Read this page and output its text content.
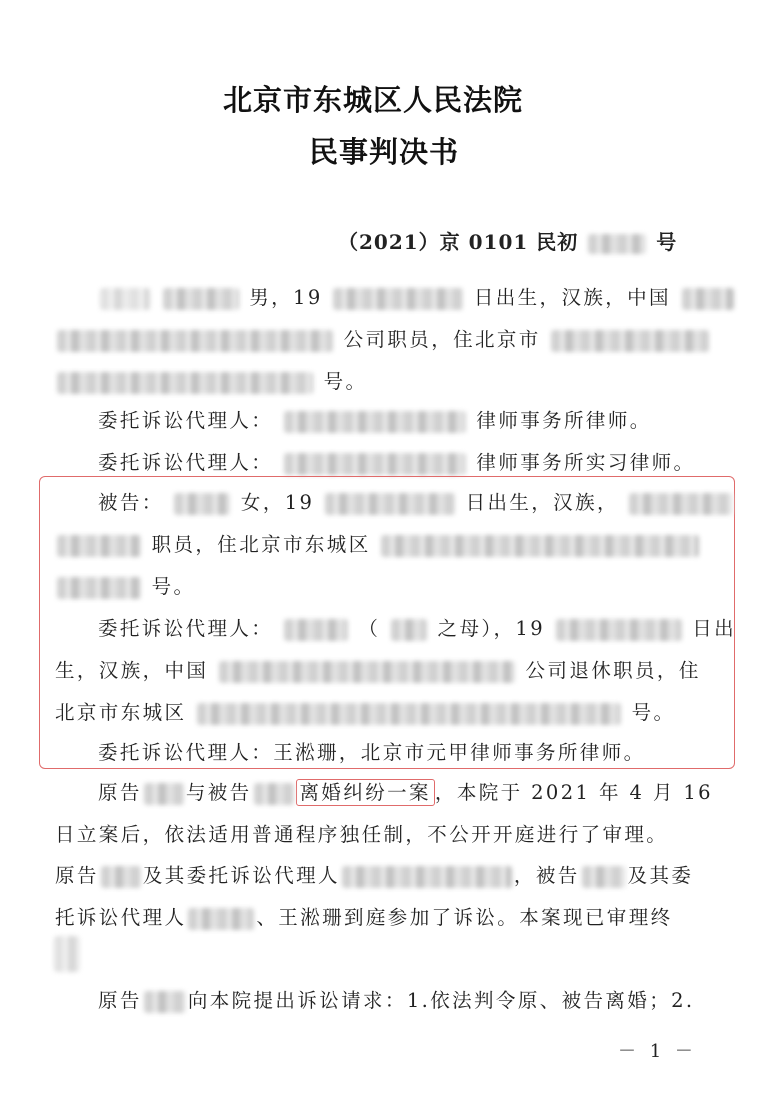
北京市东城区人民法院
民事判决书
（2021）京 0101 民初	号
男，19	日出生，汉族，中国
公司职员，住北京市
号。
委托诉讼代理人：	律师事务所律师。
委托诉讼代理人：	律师事务所实习律师。
被告：	女，19	日出生，汉族，
职员，住北京市东城区
号。
委托诉讼代理人：	（	之母），19	日出
生，汉族，中国	公司退休职员，住
北京市东城区	号。
委托诉讼代理人：王淞珊，北京市元甲律师事务所律师。
原告 与被告 离婚纠纷一案 ，本院于 2021 年 4 月 16
日立案后，依法适用普通程序独任制，不公开开庭进行了审理。
原告 及其委托诉讼代理人	，被告 及其委
托诉讼代理人	、王淞珊到庭参加了诉讼。本案现已审理终
原告 向本院提出诉讼请求：1.依法判令原、被告离婚；2.
－ 1 －
